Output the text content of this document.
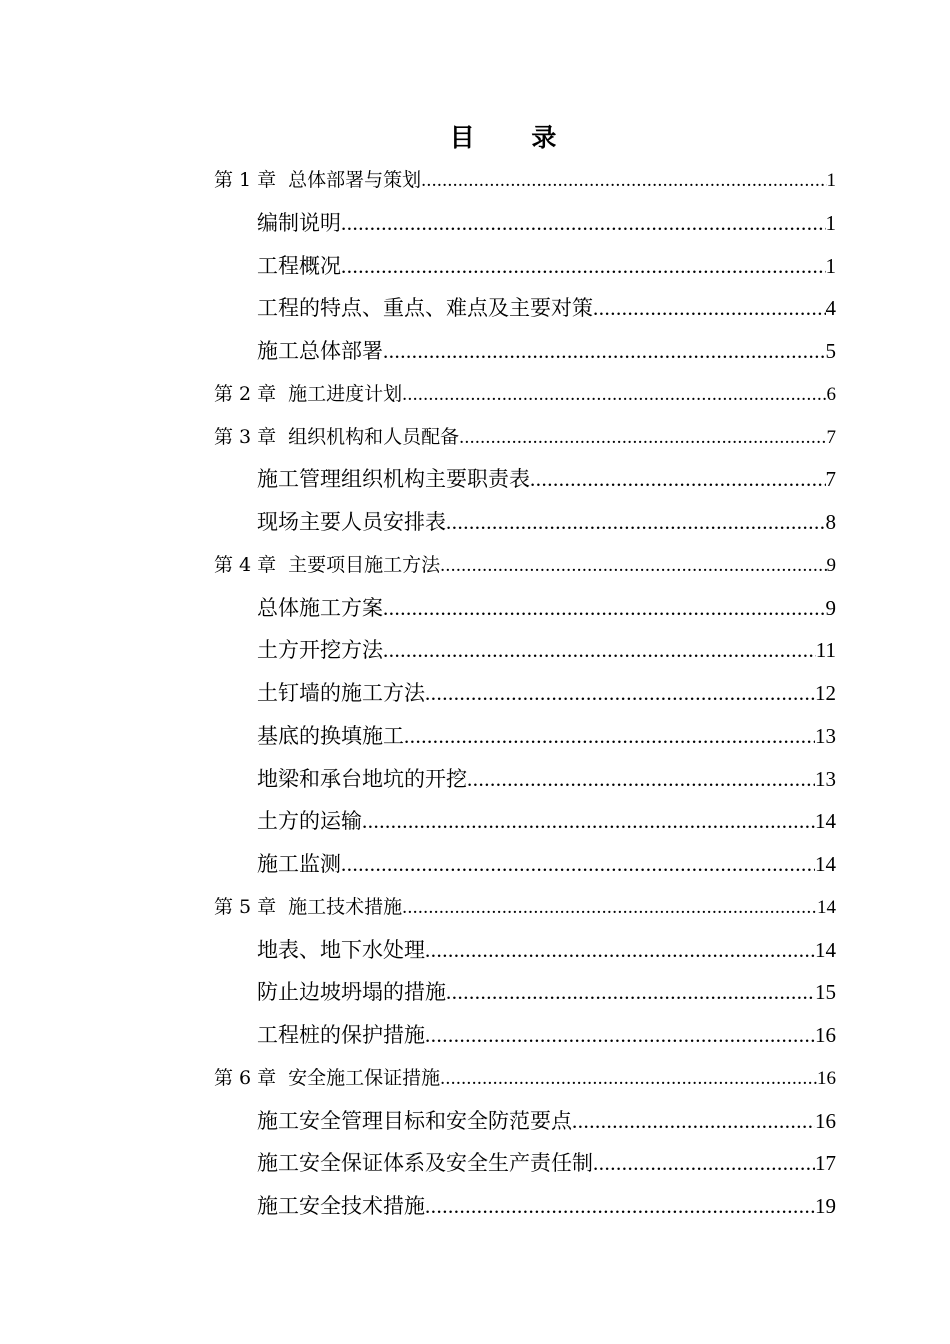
目 录
第 1 章 总体部署与策划 .....	1
编制说明 .....	1
工程概况 .....	1
工程的特点、重点、难点及主要对策 .....	4
施工总体部署 .....	5
第 2 章 施工进度计划 .....	6
第 3 章 组织机构和人员配备 .....	7
施工管理组织机构主要职责表 .....	7
现场主要人员安排表 .....	8
第 4 章 主要项目施工方法 .....	9
总体施工方案 .....	9
土方开挖方法 .....	11
土钉墙的施工方法 .....	12
基底的换填施工 .....	13
地梁和承台地坑的开挖 .....	13
土方的运输 .....	14
施工监测 .....	14
第 5 章 施工技术措施 .....	14
地表、地下水处理 .....	14
防止边坡坍塌的措施 .....	15
工程桩的保护措施 .....	16
第 6 章 安全施工保证措施 .....	16
施工安全管理目标和安全防范要点 .....	16
施工安全保证体系及安全生产责任制 .....	17
施工安全技术措施 .....	19
